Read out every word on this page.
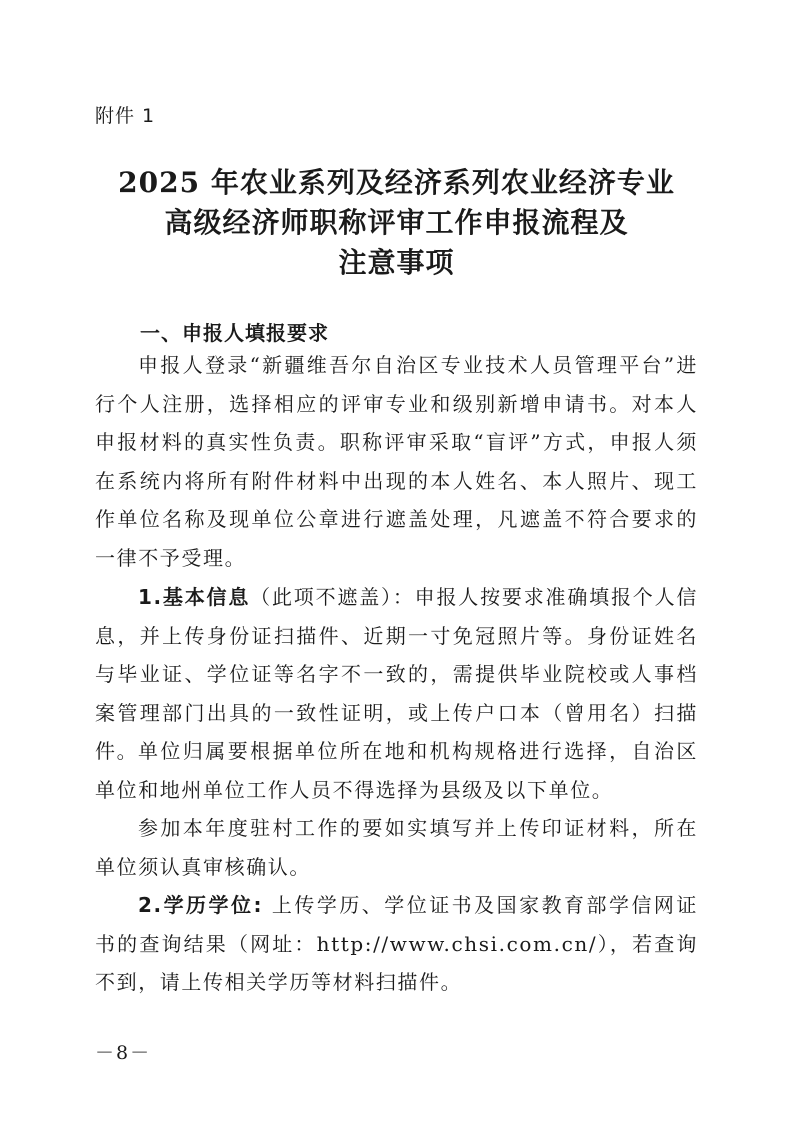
附件 1
2025 年农业系列及经济系列农业经济专业
高级经济师职称评审工作申报流程及
注意事项
一、申报人填报要求
申报人登录“新疆维吾尔自治区专业技术人员管理平台”进行个人注册，选择相应的评审专业和级别新增申请书。对本人申报材料的真实性负责。职称评审采取“盲评”方式，申报人须在系统内将所有附件材料中出现的本人姓名、本人照片、现工作单位名称及现单位公章进行遮盖处理，凡遮盖不符合要求的一律不予受理。
1.基本信息（此项不遮盖）：申报人按要求准确填报个人信息，并上传身份证扫描件、近期一寸免冠照片等。身份证姓名与毕业证、学位证等名字不一致的，需提供毕业院校或人事档案管理部门出具的一致性证明，或上传户口本（曾用名）扫描件。 单位归属要根据单位所在地和机构规格进行选择，自治区单位和地州单位工作人员不得选择为县级及以下单位。
参加本年度驻村工作的要如实填写并上传印证材料，所在单位须认真审核确认。
2.学历学位: 上传学历、学位证书及国家教育部学信网证书的查询结果（网址：http://www.chsi.com.cn/），若查询不到，请上传相关学历等材料扫描件。
－8－
